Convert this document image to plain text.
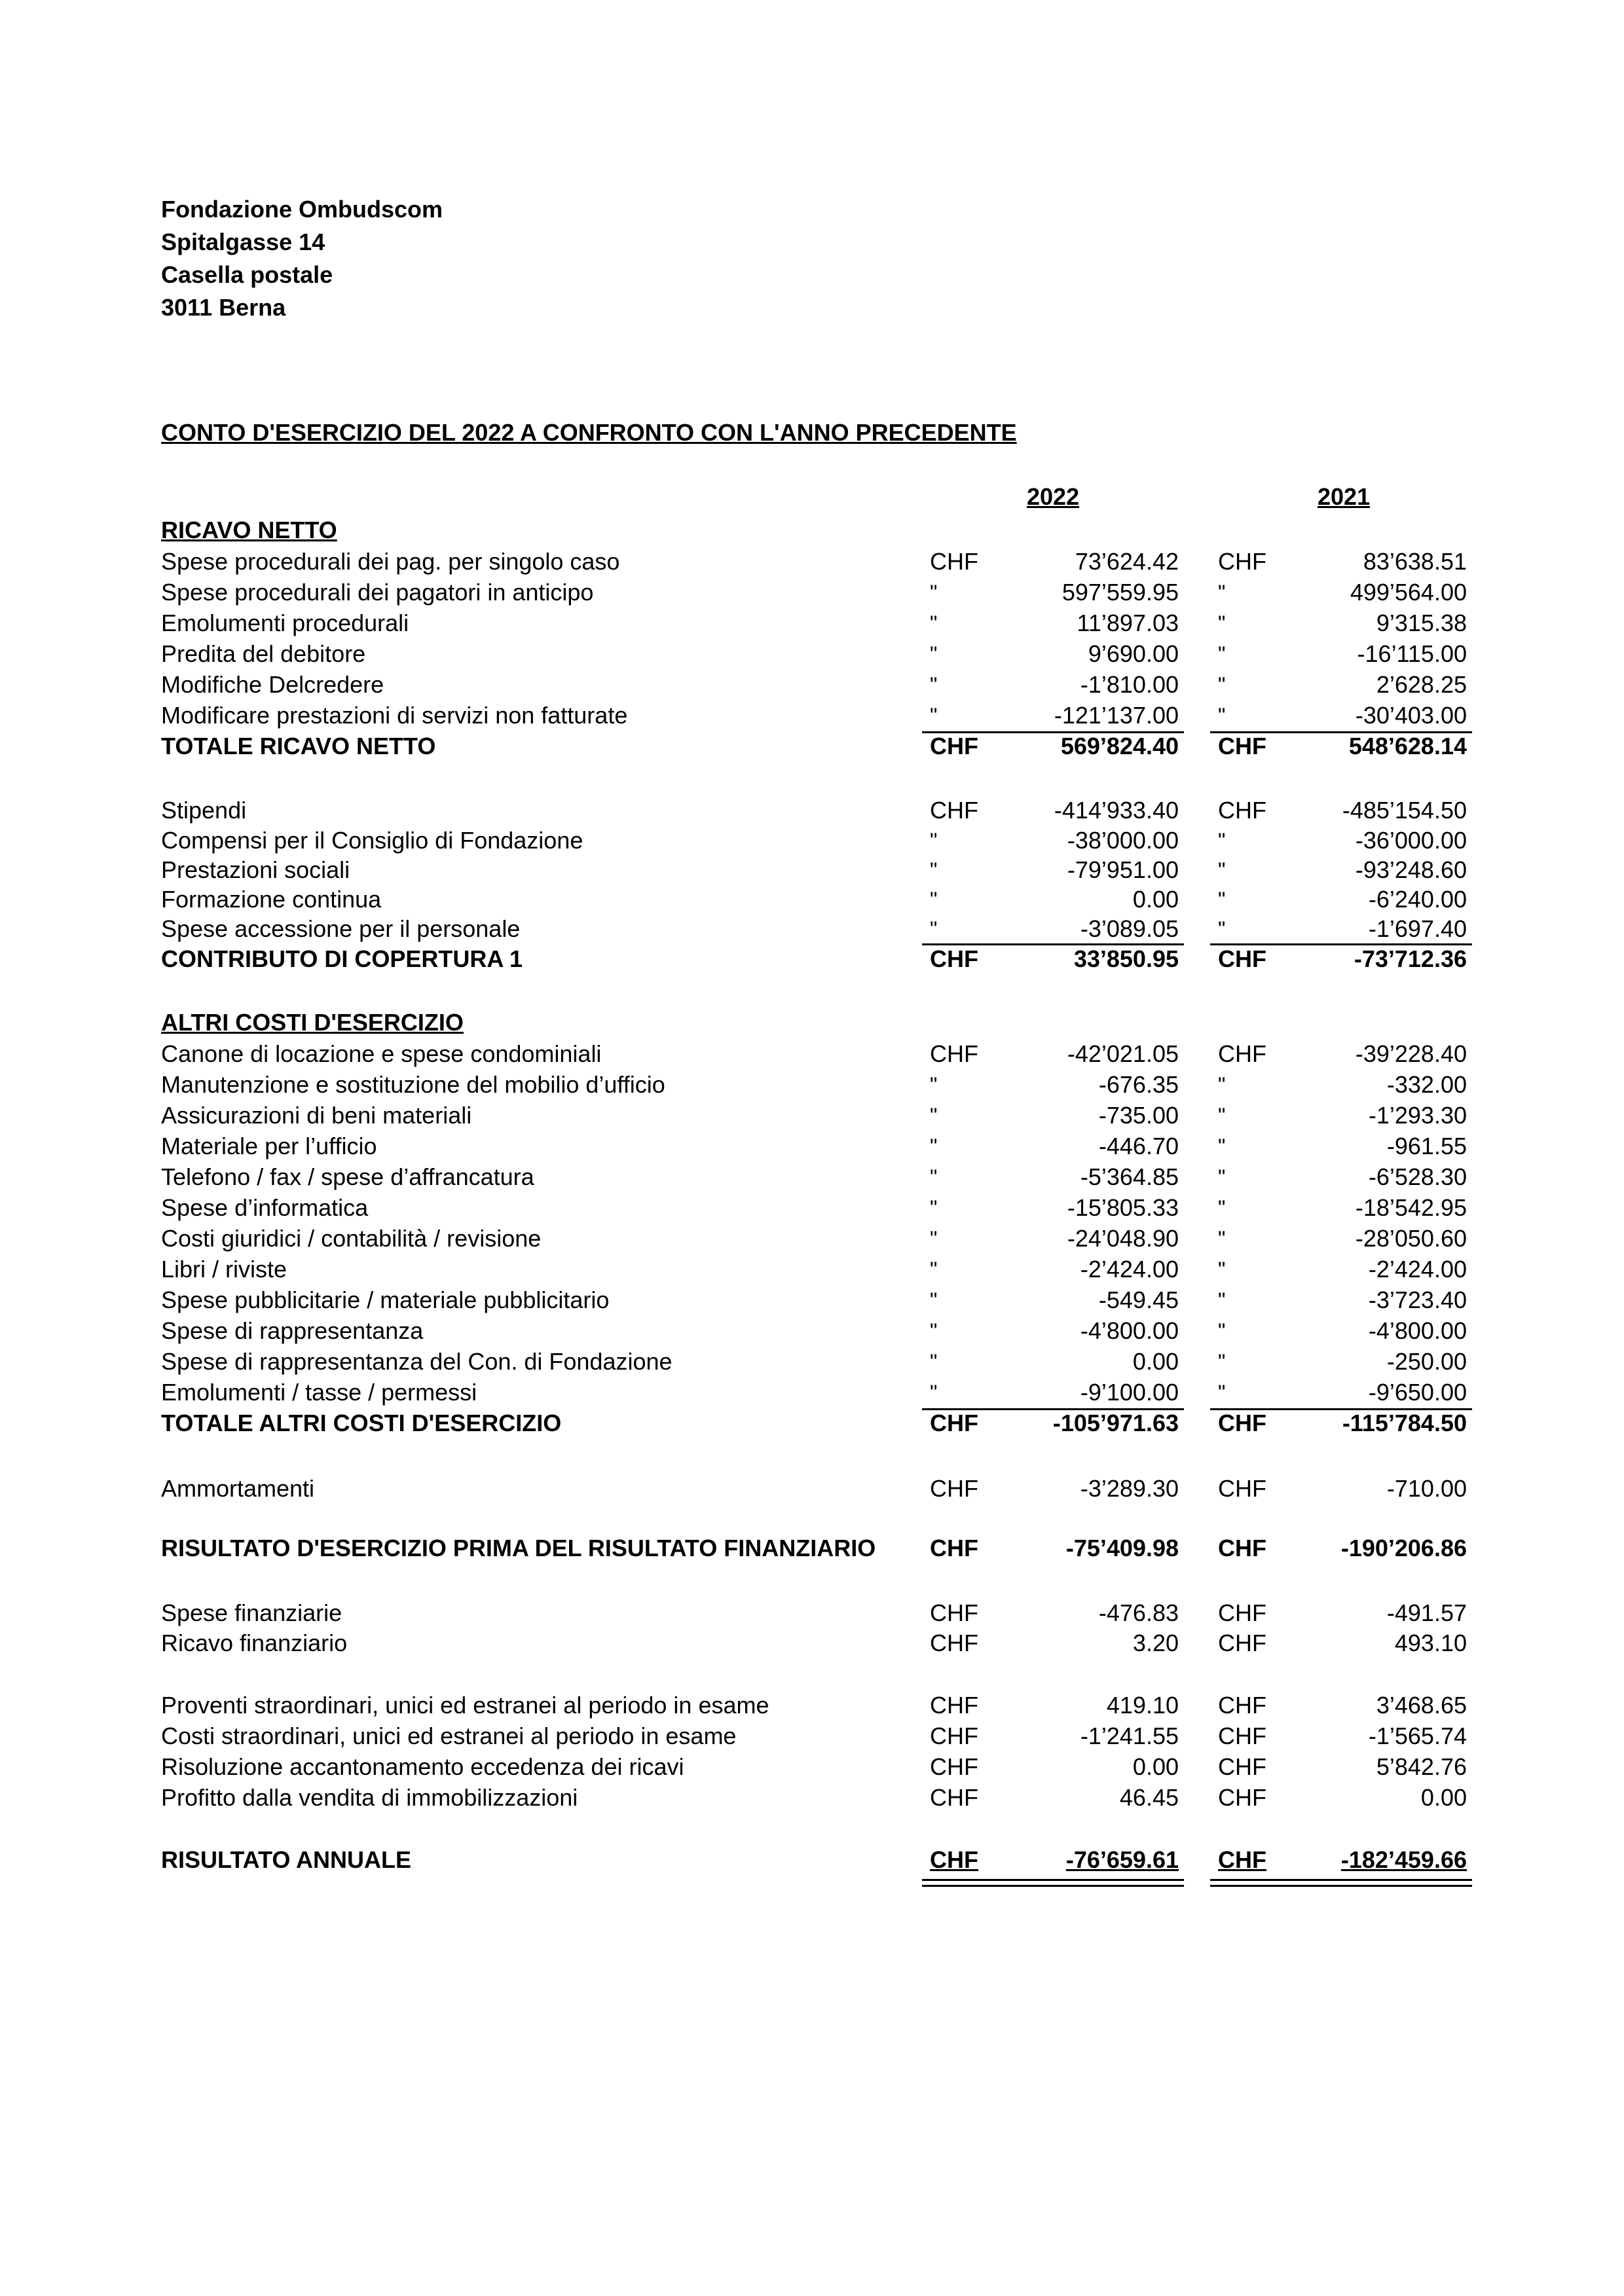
Fondazione Ombudscom
Spitalgasse 14
Casella postale
3011 Berna
CONTO D'ESERCIZIO DEL 2022 A CONFRONTO CON L'ANNO PRECEDENTE
2022	2021
RICAVO NETTO
Spese procedurali dei pag. per singolo caso	CHF	73’624.42 CHF	83’638.51
Spese procedurali dei pagatori in anticipo	"	597’559.95 "	499’564.00
Emolumenti procedurali	"	11’897.03 "	9’315.38
Predita del debitore	"	9’690.00 "	-16’115.00
Modifiche Delcredere	"	-1’810.00 "	2’628.25
Modificare prestazioni di servizi non fatturate	"	-121’137.00 "	-30’403.00
TOTALE RICAVO NETTO	CHF	569’824.40 CHF	548’628.14
Stipendi	CHF	-414’933.40 CHF	-485’154.50
Compensi per il Consiglio di Fondazione	"	-38’000.00 "	-36’000.00
Prestazioni sociali	"	-79’951.00 "	-93’248.60
Formazione continua	"	0.00 "	-6’240.00
Spese accessione per il personale	"	-3’089.05 "	-1’697.40
CONTRIBUTO DI COPERTURA 1	CHF	33’850.95 CHF	-73’712.36
ALTRI COSTI D'ESERCIZIO
Canone di locazione e spese condominiali	CHF	-42’021.05 CHF	-39’228.40
Manutenzione e sostituzione del mobilio d’ufficio	"	-676.35 "	-332.00
Assicurazioni di beni materiali	"	-735.00 "	-1’293.30
Materiale per l’ufficio	"	-446.70 "	-961.55
Telefono / fax / spese d’affrancatura	"	-5’364.85 "	-6’528.30
Spese d’informatica	"	-15’805.33 "	-18’542.95
Costi giuridici / contabilità / revisione	"	-24’048.90 "	-28’050.60
Libri / riviste	"	-2’424.00 "	-2’424.00
Spese pubblicitarie / materiale pubblicitario	"	-549.45 "	-3’723.40
Spese di rappresentanza	"	-4’800.00 "	-4’800.00
Spese di rappresentanza del Con. di Fondazione	"	0.00 "	-250.00
Emolumenti / tasse / permessi	"	-9’100.00 "	-9’650.00
TOTALE ALTRI COSTI D'ESERCIZIO	CHF	-105’971.63 CHF	-115’784.50
Ammortamenti	CHF	-3’289.30 CHF	-710.00
RISULTATO D'ESERCIZIO PRIMA DEL RISULTATO FINANZIARIO CHF	-75’409.98 CHF	-190’206.86
Spese finanziarie	CHF	-476.83 CHF	-491.57
Ricavo finanziario	CHF	3.20 CHF	493.10
Proventi straordinari, unici ed estranei al periodo in esame	CHF	419.10 CHF	3’468.65
Costi straordinari, unici ed estranei al periodo in esame	CHF	-1’241.55 CHF	-1’565.74
Risoluzione accantonamento eccedenza dei ricavi	CHF	0.00 CHF	5’842.76
Profitto dalla vendita di immobilizzazioni	CHF	46.45 CHF	0.00
RISULTATO ANNUALE	CHF	-76’659.61 CHF	-182’459.66
